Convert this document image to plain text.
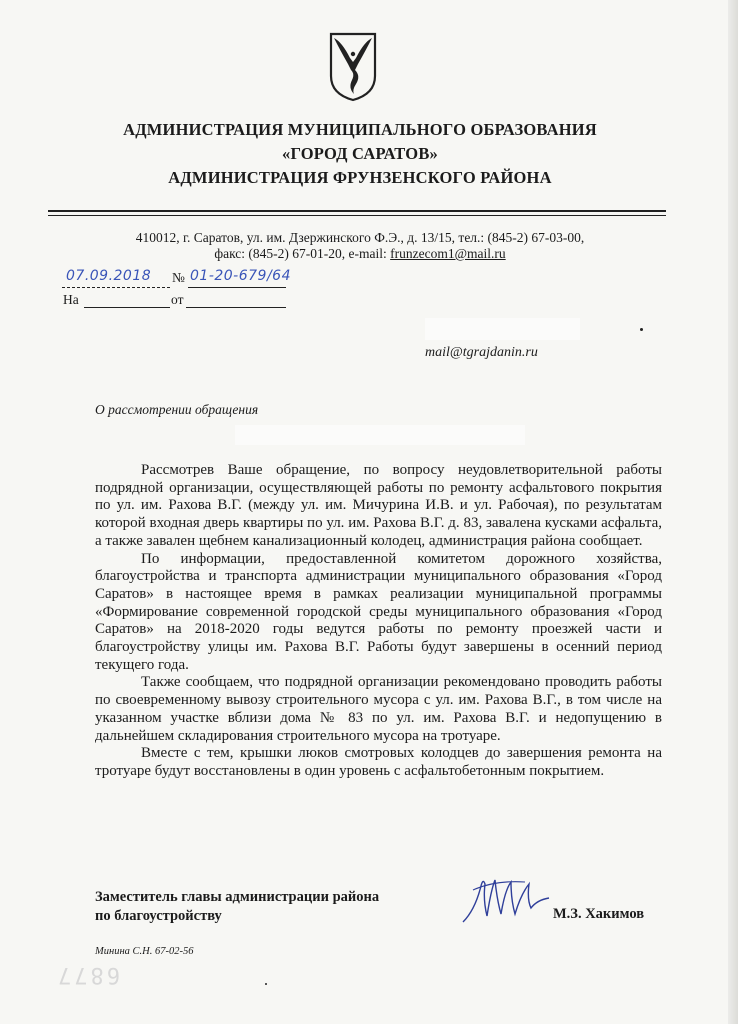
АДМИНИСТРАЦИЯ МУНИЦИПАЛЬНОГО ОБРАЗОВАНИЯ
«ГОРОД САРАТОВ»
АДМИНИСТРАЦИЯ ФРУНЗЕНСКОГО РАЙОНА
410012, г. Саратов, ул. им. Дзержинского Ф.Э., д. 13/15, тел.: (845-2) 67-03-00,
факс: (845-2) 67-01-20, e-mail: frunzecom1@mail.ru
07.09.2018 № 01-20-679/64
На	от
mail@tgrajdanin.ru
О рассмотрении обращения

Рассмотрев Ваше обращение, по вопросу неудовлетворительной работы подрядной организации, осуществляющей работы по ремонту асфальтового покрытия по ул. им. Рахова В.Г. (между ул. им. Мичурина И.В. и ул. Рабочая), по результатам которой входная дверь квартиры по ул. им. Рахова В.Г. д. 83, завалена кусками асфальта, а также завален щебнем канализационный колодец, администрация района сообщает.

По информации, предоставленной комитетом дорожного хозяйства, благоустройства и транспорта администрации муниципального образования «Город Саратов» в настоящее время в рамках реализации муниципальной программы «Формирование современной городской среды муниципального образования «Город Саратов» на 2018-2020 годы ведутся работы по ремонту проезжей части и благоустройству улицы им. Рахова В.Г. Работы будут завершены в осенний период текущего года.

Также сообщаем, что подрядной организации рекомендовано проводить работы по своевременному вывозу строительного мусора с ул. им. Рахова В.Г., в том числе на указанном участке вблизи дома № 83 по ул. им. Рахова В.Г. и недопущению в дальнейшем складирования строительного мусора на тротуаре.

Вместе с тем, крышки люков смотровых колодцев до завершения ремонта на тротуаре будут восстановлены в один уровень с асфальтобетонным покрытием.

Заместитель главы администрации района
по благоустройству	М.З. Хакимов
Минина С.Н. 67-02-56
6877
